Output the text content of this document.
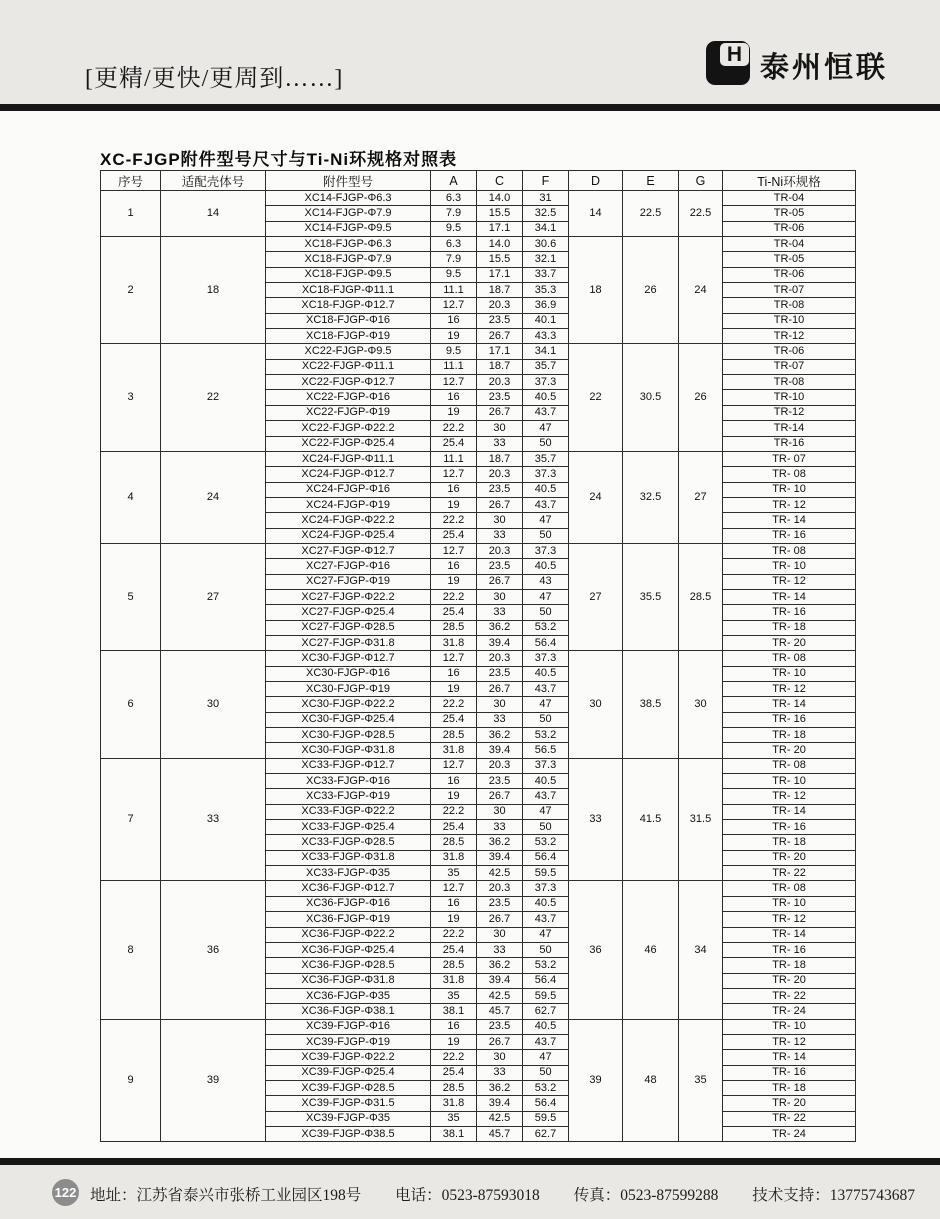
[更精/更快/更周到……]
H 泰州恒联
XC-FJGP附件型号尺寸与Ti-Ni环规格对照表
序号	适配壳体号	附件型号	A	C	F	D	E	G	Ti-Ni环规格
1	14	XC14-FJGP-Φ6.3	6.3	14.0	31	14	22.5	22.5	TR-04
		XC14-FJGP-Φ7.9	7.9	15.5	32.5				TR-05
		XC14-FJGP-Φ9.5	9.5	17.1	34.1				TR-06
2	18	XC18-FJGP-Φ6.3	6.3	14.0	30.6	18	26	24	TR-04
		XC18-FJGP-Φ7.9	7.9	15.5	32.1				TR-05
		XC18-FJGP-Φ9.5	9.5	17.1	33.7				TR-06
		XC18-FJGP-Φ11.1	11.1	18.7	35.3				TR-07
		XC18-FJGP-Φ12.7	12.7	20.3	36.9				TR-08
		XC18-FJGP-Φ16	16	23.5	40.1				TR-10
		XC18-FJGP-Φ19	19	26.7	43.3				TR-12
3	22	XC22-FJGP-Φ9.5	9.5	17.1	34.1	22	30.5	26	TR-06
		XC22-FJGP-Φ11.1	11.1	18.7	35.7				TR-07
		XC22-FJGP-Φ12.7	12.7	20.3	37.3				TR-08
		XC22-FJGP-Φ16	16	23.5	40.5				TR-10
		XC22-FJGP-Φ19	19	26.7	43.7				TR-12
		XC22-FJGP-Φ22.2	22.2	30	47				TR-14
		XC22-FJGP-Φ25.4	25.4	33	50				TR-16
4	24	XC24-FJGP-Φ11.1	11.1	18.7	35.7	24	32.5	27	TR- 07
		XC24-FJGP-Φ12.7	12.7	20.3	37.3				TR- 08
		XC24-FJGP-Φ16	16	23.5	40.5				TR- 10
		XC24-FJGP-Φ19	19	26.7	43.7				TR- 12
		XC24-FJGP-Φ22.2	22.2	30	47				TR- 14
		XC24-FJGP-Φ25.4	25.4	33	50				TR- 16
5	27	XC27-FJGP-Φ12.7	12.7	20.3	37.3	27	35.5	28.5	TR- 08
		XC27-FJGP-Φ16	16	23.5	40.5				TR- 10
		XC27-FJGP-Φ19	19	26.7	43				TR- 12
		XC27-FJGP-Φ22.2	22.2	30	47				TR- 14
		XC27-FJGP-Φ25.4	25.4	33	50				TR- 16
		XC27-FJGP-Φ28.5	28.5	36.2	53.2				TR- 18
		XC27-FJGP-Φ31.8	31.8	39.4	56.4				TR- 20
6	30	XC30-FJGP-Φ12.7	12.7	20.3	37.3	30	38.5	30	TR- 08
		XC30-FJGP-Φ16	16	23.5	40.5				TR- 10
		XC30-FJGP-Φ19	19	26.7	43.7				TR- 12
		XC30-FJGP-Φ22.2	22.2	30	47				TR- 14
		XC30-FJGP-Φ25.4	25.4	33	50				TR- 16
		XC30-FJGP-Φ28.5	28.5	36.2	53.2				TR- 18
		XC30-FJGP-Φ31.8	31.8	39.4	56.5				TR- 20
7	33	XC33-FJGP-Φ12.7	12.7	20.3	37.3	33	41.5	31.5	TR- 08
		XC33-FJGP-Φ16	16	23.5	40.5				TR- 10
		XC33-FJGP-Φ19	19	26.7	43.7				TR- 12
		XC33-FJGP-Φ22.2	22.2	30	47				TR- 14
		XC33-FJGP-Φ25.4	25.4	33	50				TR- 16
		XC33-FJGP-Φ28.5	28.5	36.2	53.2				TR- 18
		XC33-FJGP-Φ31.8	31.8	39.4	56.4				TR- 20
		XC33-FJGP-Φ35	35	42.5	59.5				TR- 22
8	36	XC36-FJGP-Φ12.7	12.7	20.3	37.3	36	46	34	TR- 08
		XC36-FJGP-Φ16	16	23.5	40.5				TR- 10
		XC36-FJGP-Φ19	19	26.7	43.7				TR- 12
		XC36-FJGP-Φ22.2	22.2	30	47				TR- 14
		XC36-FJGP-Φ25.4	25.4	33	50				TR- 16
		XC36-FJGP-Φ28.5	28.5	36.2	53.2				TR- 18
		XC36-FJGP-Φ31.8	31.8	39.4	56.4				TR- 20
		XC36-FJGP-Φ35	35	42.5	59.5				TR- 22
		XC36-FJGP-Φ38.1	38.1	45.7	62.7				TR- 24
9	39	XC39-FJGP-Φ16	16	23.5	40.5	39	48	35	TR- 10
		XC39-FJGP-Φ19	19	26.7	43.7				TR- 12
		XC39-FJGP-Φ22.2	22.2	30	47				TR- 14
		XC39-FJGP-Φ25.4	25.4	33	50				TR- 16
		XC39-FJGP-Φ28.5	28.5	36.2	53.2				TR- 18
		XC39-FJGP-Φ31.5	31.8	39.4	56.4				TR- 20
		XC39-FJGP-Φ35	35	42.5	59.5				TR- 22
		XC39-FJGP-Φ38.5	38.1	45.7	62.7				TR- 24
122 地址：江苏省泰兴市张桥工业园区198号 电话：0523-87593018 传真：0523-87599288 技术支持：13775743687
